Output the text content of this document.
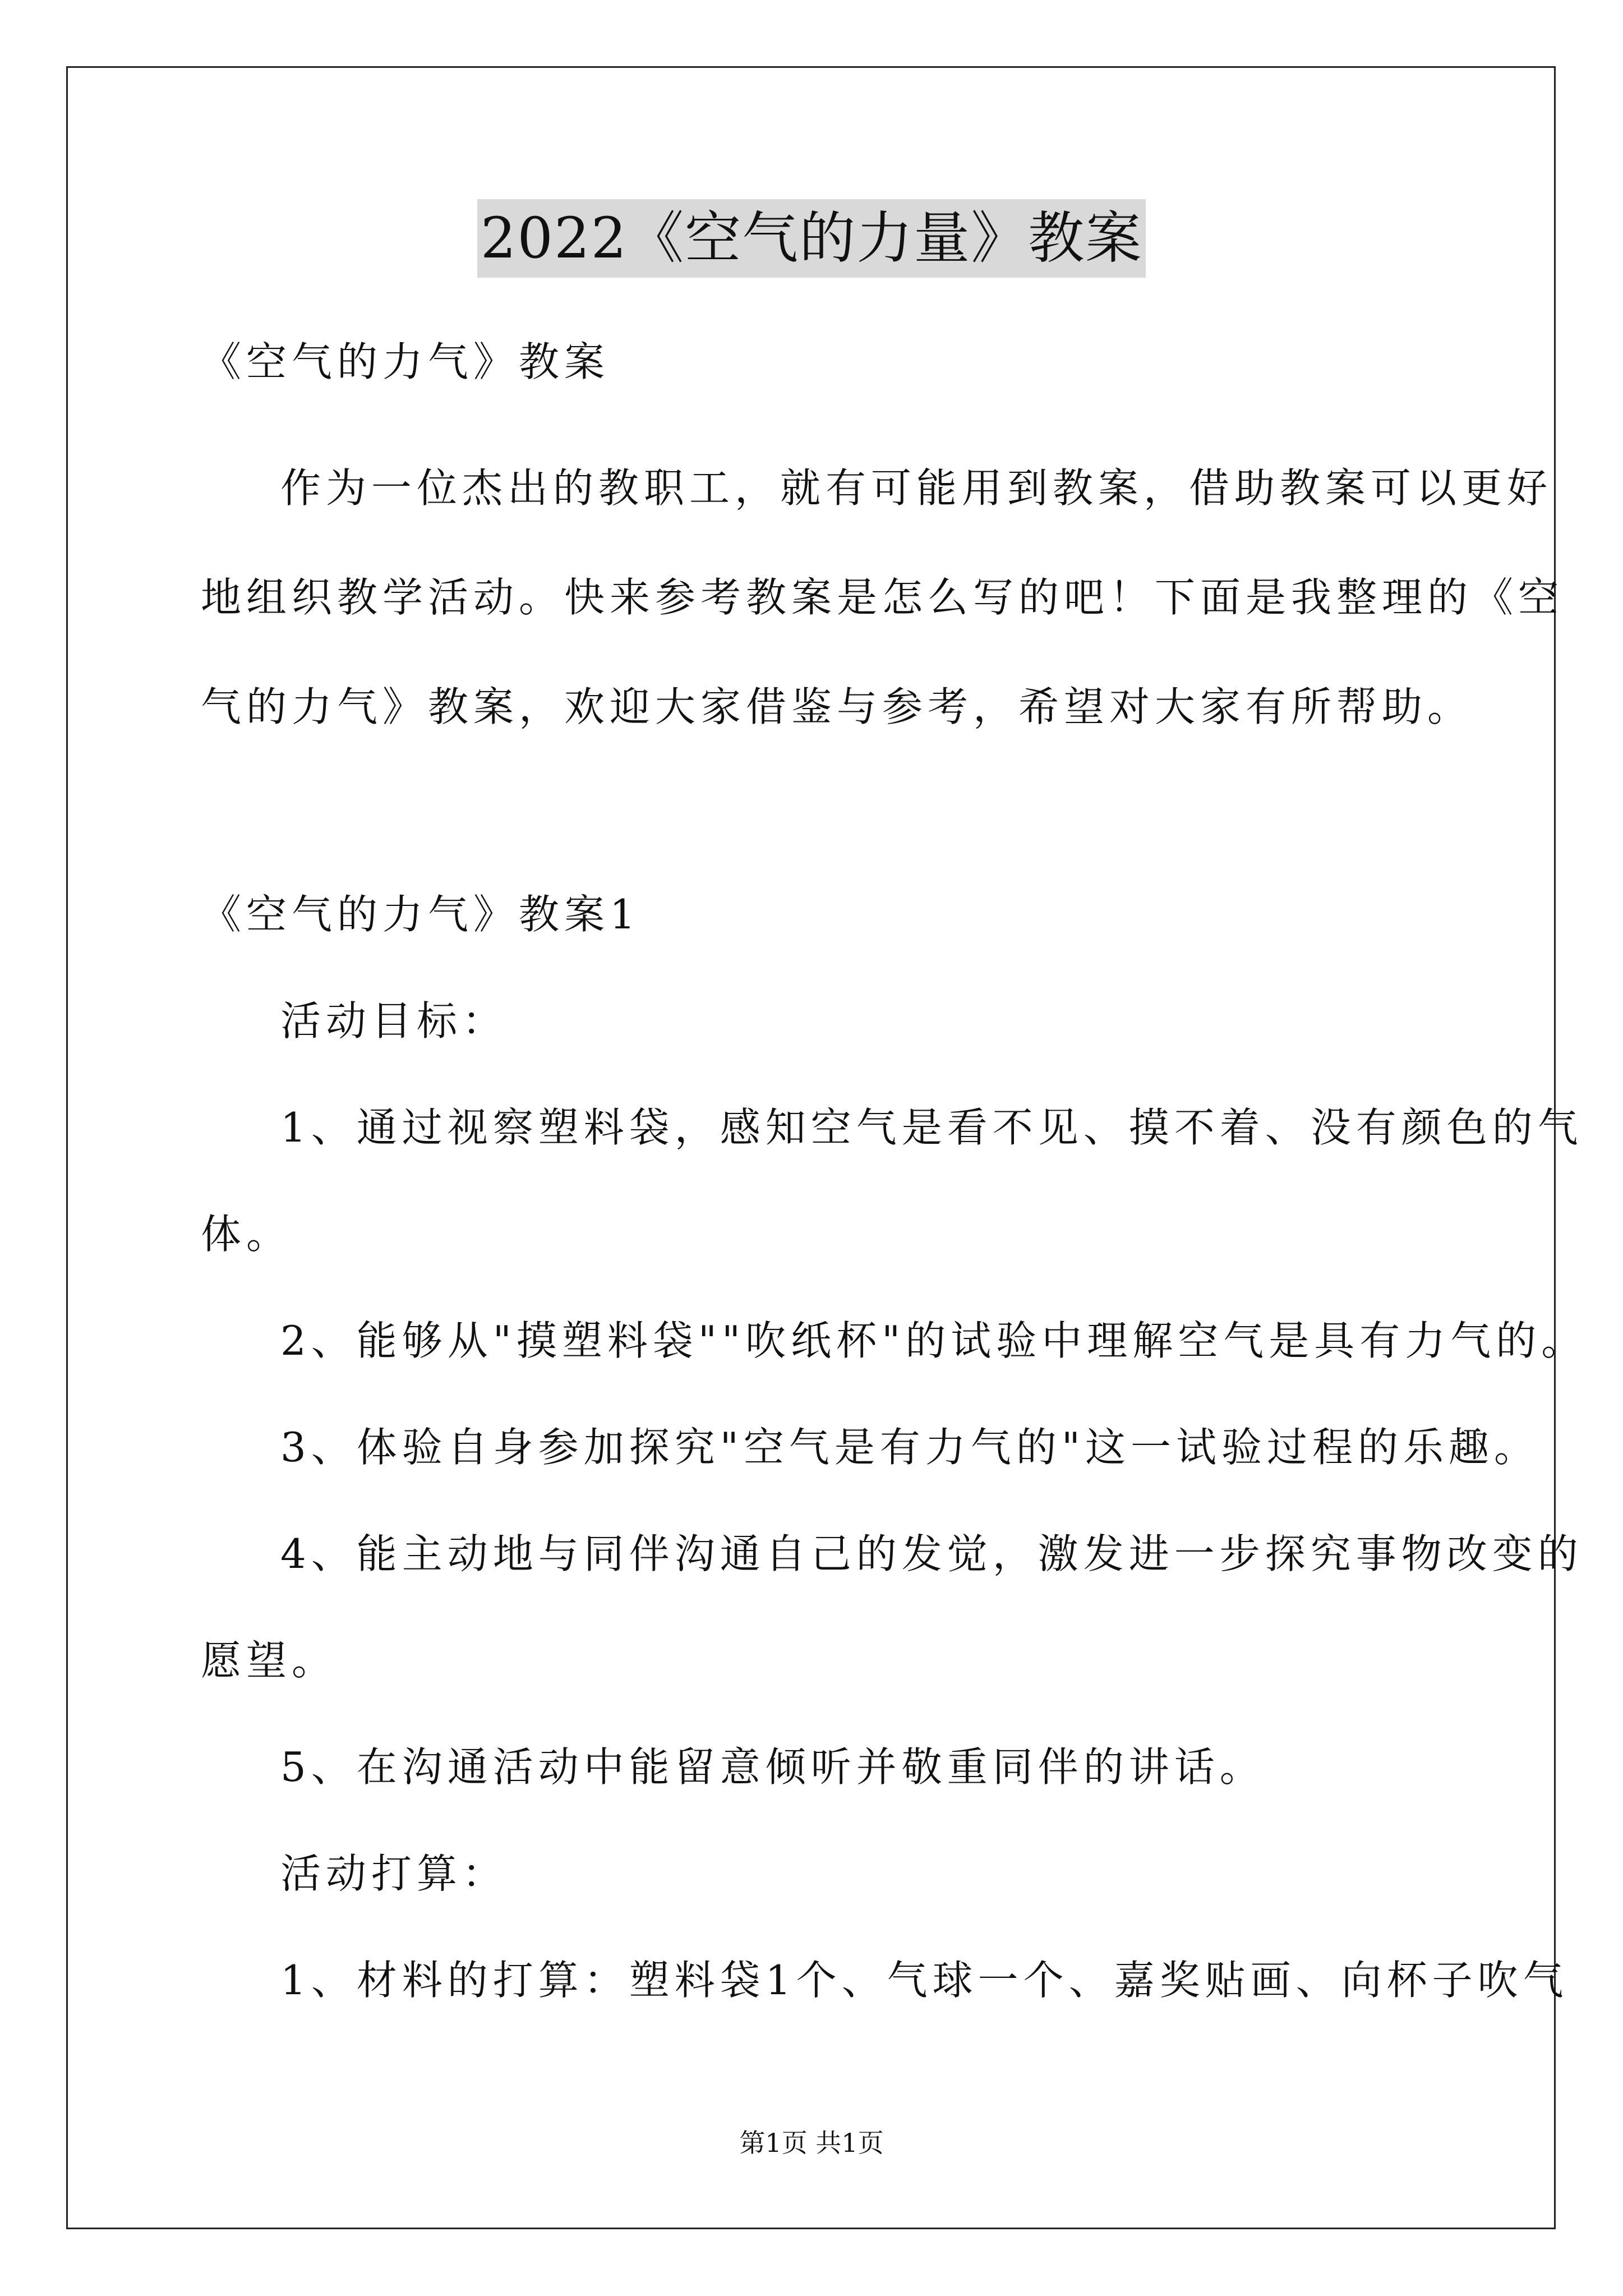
2022《空气的力量》教案
《空气的力气》教案
作为一位杰出的教职工，就有可能用到教案，借助教案可以更好
地组织教学活动。快来参考教案是怎么写的吧！下面是我整理的《空
气的力气》教案，欢迎大家借鉴与参考，希望对大家有所帮助。
《空气的力气》教案1
活动目标：
1、通过视察塑料袋，感知空气是看不见、摸不着、没有颜色的气
体。
2、能够从"摸塑料袋""吹纸杯"的试验中理解空气是具有力气的。
3、体验自身参加探究"空气是有力气的"这一试验过程的乐趣。
4、能主动地与同伴沟通自己的发觉，激发进一步探究事物改变的
愿望。
5、在沟通活动中能留意倾听并敬重同伴的讲话。
活动打算：
1、材料的打算：塑料袋1个、气球一个、嘉奖贴画、向杯子吹气
第1页 共1页
